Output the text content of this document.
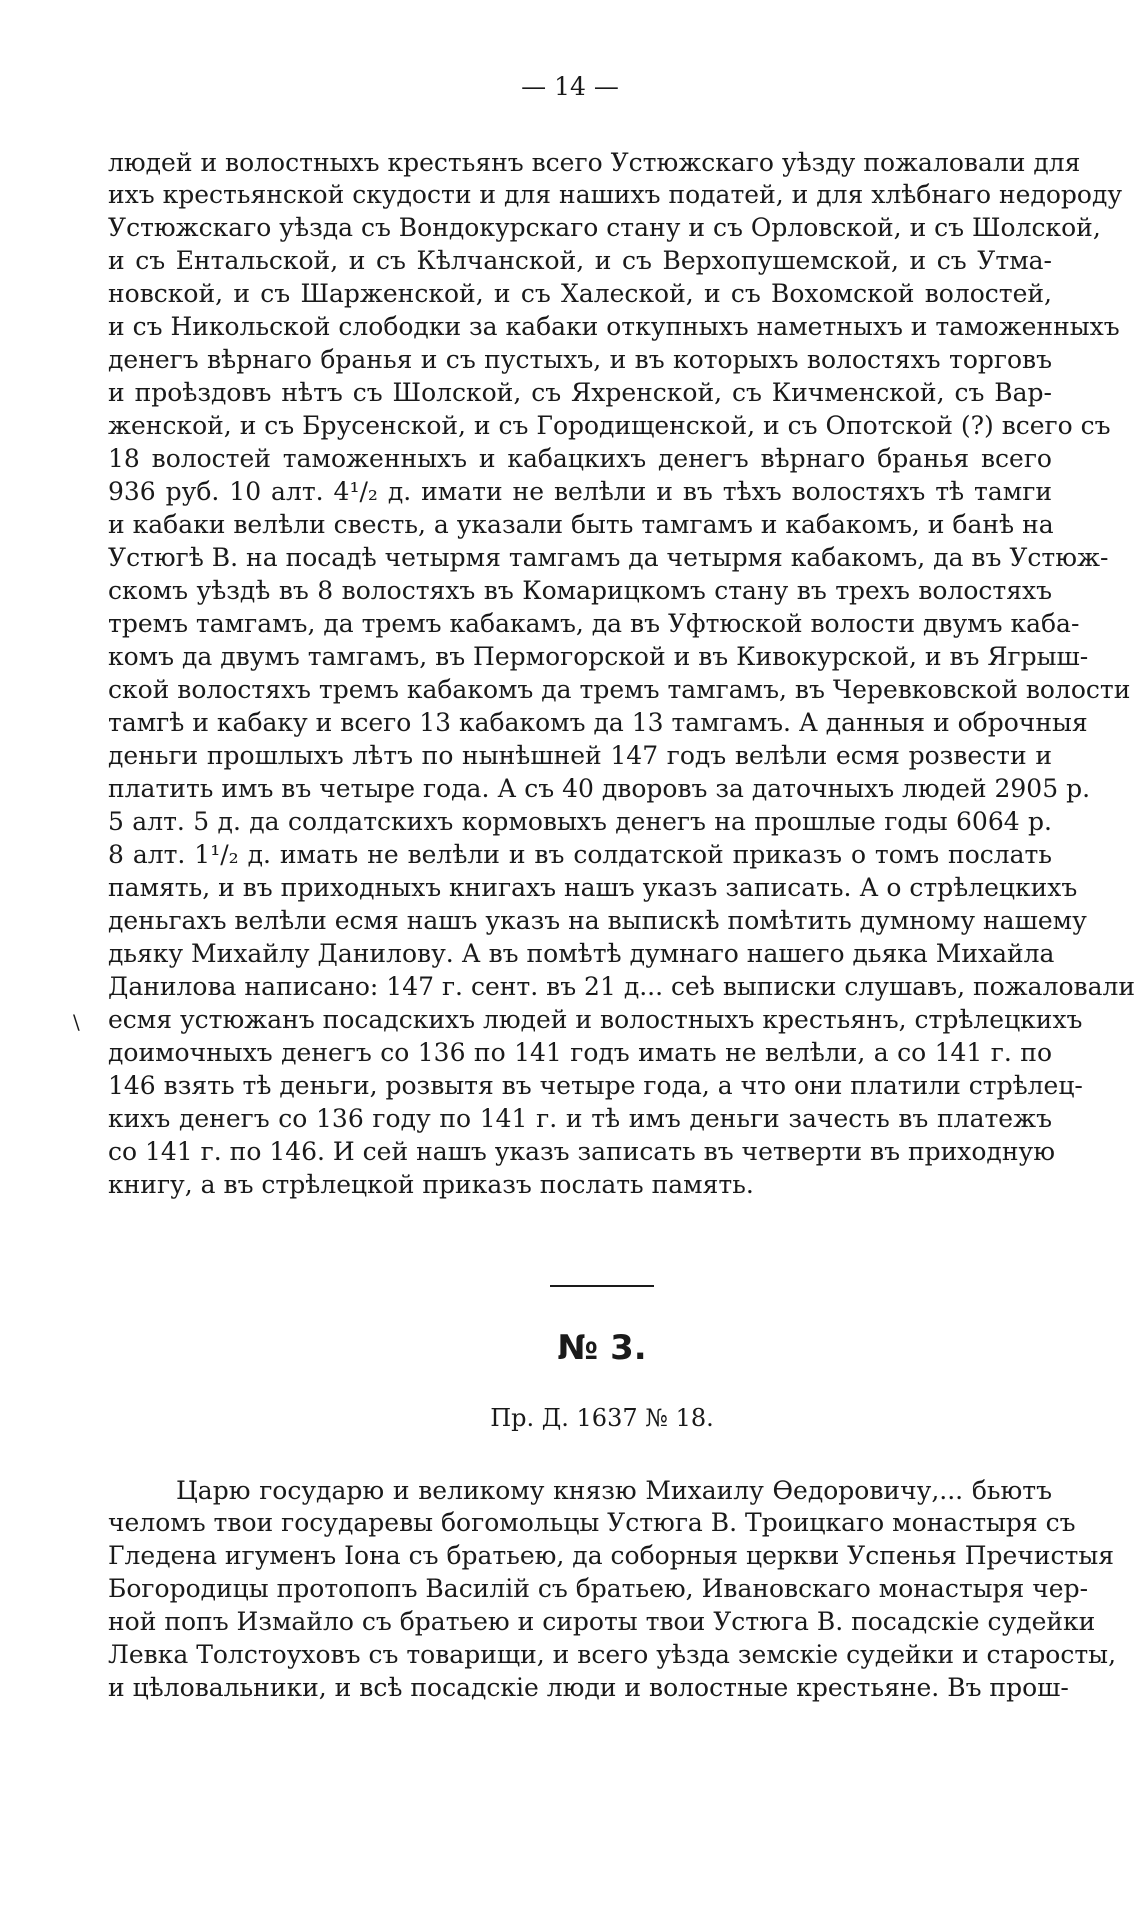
— 14 —
людей и волостныхъ крестьянъ всего Устюжскаго уѣзду пожаловали для
ихъ крестьянской скудости и для нашихъ податей, и для хлѣбнаго недороду
Устюжскаго уѣзда съ Вондокурскаго стану и съ Орловской, и съ Шолской,
и съ Ентальской, и съ Кѣлчанской, и съ Верхопушемской, и съ Утма-
новской, и съ Шарженской, и съ Халеской, и съ Вохомской волостей,
и съ Никольской слободки за кабаки откупныхъ наметныхъ и таможенныхъ
денегъ вѣрнаго бранья и съ пустыхъ, и въ которыхъ волостяхъ торговъ
и проѣздовъ нѣтъ съ Шолской, съ Яхренской, съ Кичменской, съ Вар-
женской, и съ Брусенской, и съ Городищенской, и съ Опотской (?) всего съ
18 волостей таможенныхъ и кабацкихъ денегъ вѣрнаго бранья всего
936 руб. 10 алт. 4¹/₂ д. имати не велѣли и въ тѣхъ волостяхъ тѣ тамги
и кабаки велѣли свесть, а указали быть тамгамъ и кабакомъ, и банѣ на
Устюгѣ В. на посадѣ четырмя тамгамъ да четырмя кабакомъ, да въ Устюж-
скомъ уѣздѣ въ 8 волостяхъ въ Комарицкомъ стану въ трехъ волостяхъ
тремъ тамгамъ, да тремъ кабакамъ, да въ Уфтюской волости двумъ каба-
комъ да двумъ тамгамъ, въ Пермогорской и въ Кивокурской, и въ Ягрыш-
ской волостяхъ тремъ кабакомъ да тремъ тамгамъ, въ Черевковской волости
тамгѣ и кабаку и всего 13 кабакомъ да 13 тамгамъ. А данныя и оброчныя
деньги прошлыхъ лѣтъ по нынѣшней 147 годъ велѣли есмя розвести и
платить имъ въ четыре года. А съ 40 дворовъ за даточныхъ людей 2905 р.
5 алт. 5 д. да солдатскихъ кормовыхъ денегъ на прошлые годы 6064 р.
8 алт. 1¹/₂ д. имать не велѣли и въ солдатской приказъ о томъ послать
память, и въ приходныхъ книгахъ нашъ указъ записать. А о стрѣлецкихъ
деньгахъ велѣли есмя нашъ указъ на выпискѣ помѣтить думному нашему
дьяку Михайлу Данилову. А въ помѣтѣ думнаго нашего дьяка Михайла
Данилова написано: 147 г. сент. въ 21 д... сеѣ выписки слушавъ, пожаловали
есмя устюжанъ посадскихъ людей и волостныхъ крестьянъ, стрѣлецкихъ
доимочныхъ денегъ со 136 по 141 годъ имать не велѣли, а со 141 г. по
146 взять тѣ деньги, розвытя въ четыре года, а что они платили стрѣлец-
кихъ денегъ со 136 году по 141 г. и тѣ имъ деньги зачесть въ платежъ
со 141 г. по 146. И сей нашъ указъ записать въ четверти въ приходную
книгу, а въ стрѣлецкой приказъ послать память.
\
№ 3.
Пр. Д. 1637 № 18.
Царю государю и великому князю Михаилу Ѳедоровичу,... бьютъ
челомъ твои государевы богомольцы Устюга В. Троицкаго монастыря съ
Гледена игуменъ Іона съ братьею, да соборныя церкви Успенья Пречистыя
Богородицы протопопъ Василій съ братьею, Ивановскаго монастыря чер-
ной попъ Измайло съ братьею и сироты твои Устюга В. посадскіе судейки
Левка Толстоуховъ съ товарищи, и всего уѣзда земскіе судейки и старосты,
и цѣловальники, и всѣ посадскіе люди и волостные крестьяне. Въ прош-
